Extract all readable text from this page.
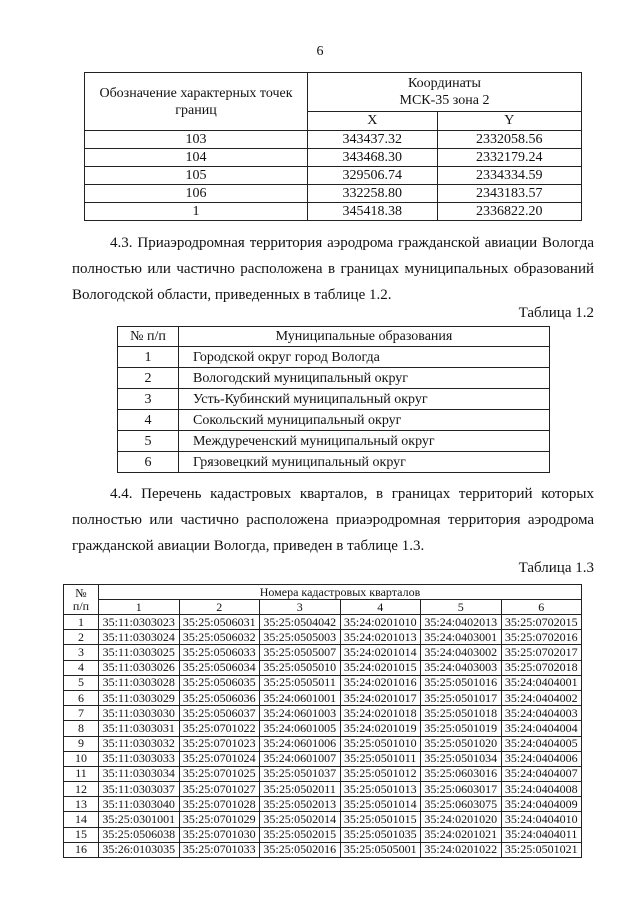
6
Обозначение характерных точек границ	Координаты
МСК-35 зона 2	
	X	Y
103	343437.32	2332058.56
104	343468.30	2332179.24
105	329506.74	2334334.59
106	332258.80	2343183.57
1	345418.38	2336822.20

4.3. Приаэродромная территория аэродрома гражданской авиации Вологда полностью или частично расположена в границах муниципальных образований Вологодской области, приведенных в таблице 1.2.

Таблица 1.2
№ п/п	Муниципальные образования
1	Городской округ город Вологда
2	Вологодский муниципальный округ
3	Усть-Кубинский муниципальный округ
4	Сокольский муниципальный округ
5	Междуреченский муниципальный округ
6	Грязовецкий муниципальный округ

4.4. Перечень кадастровых кварталов, в границах территорий которых полностью или частично расположена приаэродромная территория аэродрома гражданской авиации Вологда, приведен в таблице 1.3.

Таблица 1.3
№
п/п	Номера кадастровых кварталов					
	1	2	3	4	5	6
1	35:11:0303023	35:25:0506031	35:25:0504042	35:24:0201010	35:24:0402013	35:25:0702015
2	35:11:0303024	35:25:0506032	35:25:0505003	35:24:0201013	35:24:0403001	35:25:0702016
3	35:11:0303025	35:25:0506033	35:25:0505007	35:24:0201014	35:24:0403002	35:25:0702017
4	35:11:0303026	35:25:0506034	35:25:0505010	35:24:0201015	35:24:0403003	35:25:0702018
5	35:11:0303028	35:25:0506035	35:25:0505011	35:24:0201016	35:25:0501016	35:24:0404001
6	35:11:0303029	35:25:0506036	35:24:0601001	35:24:0201017	35:25:0501017	35:24:0404002
7	35:11:0303030	35:25:0506037	35:24:0601003	35:24:0201018	35:25:0501018	35:24:0404003
8	35:11:0303031	35:25:0701022	35:24:0601005	35:24:0201019	35:25:0501019	35:24:0404004
9	35:11:0303032	35:25:0701023	35:24:0601006	35:25:0501010	35:25:0501020	35:24:0404005
10	35:11:0303033	35:25:0701024	35:24:0601007	35:25:0501011	35:25:0501034	35:24:0404006
11	35:11:0303034	35:25:0701025	35:25:0501037	35:25:0501012	35:25:0603016	35:24:0404007
12	35:11:0303037	35:25:0701027	35:25:0502011	35:25:0501013	35:25:0603017	35:24:0404008
13	35:11:0303040	35:25:0701028	35:25:0502013	35:25:0501014	35:25:0603075	35:24:0404009
14	35:25:0301001	35:25:0701029	35:25:0502014	35:25:0501015	35:24:0201020	35:24:0404010
15	35:25:0506038	35:25:0701030	35:25:0502015	35:25:0501035	35:24:0201021	35:24:0404011
16	35:26:0103035	35:25:0701033	35:25:0502016	35:25:0505001	35:24:0201022	35:25:0501021
